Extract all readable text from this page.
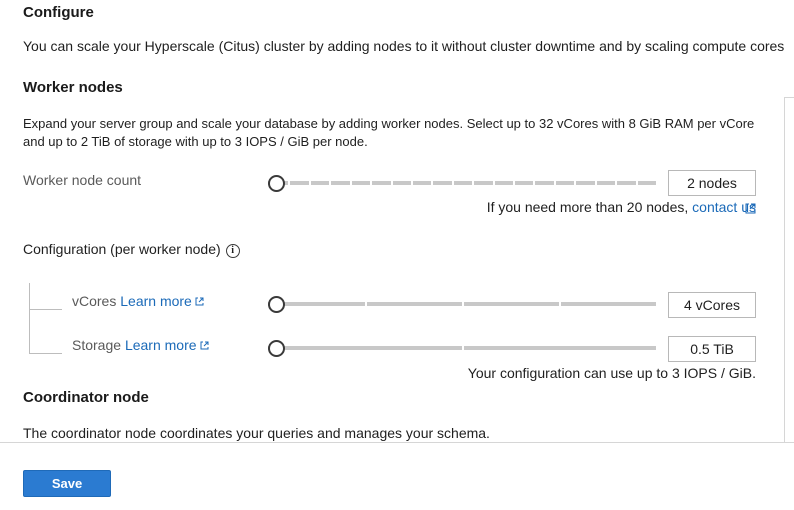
Configure
You can scale your Hyperscale (Citus) cluster by adding nodes to it without cluster downtime and by scaling compute cores
Worker nodes
Expand your server group and scale your database by adding worker nodes. Select up to 32 vCores with 8 GiB RAM per vCore and up to 2 TiB of storage with up to 3 IOPS / GiB per node.
Worker node count	2 nodes
If you need more than 20 nodes, contact us
Configuration (per worker node) i
vCores Learn more	4 vCores
Storage Learn more	0.5 TiB
Your configuration can use up to 3 IOPS / GiB.
Coordinator node
The coordinator node coordinates your queries and manages your schema.
Save
